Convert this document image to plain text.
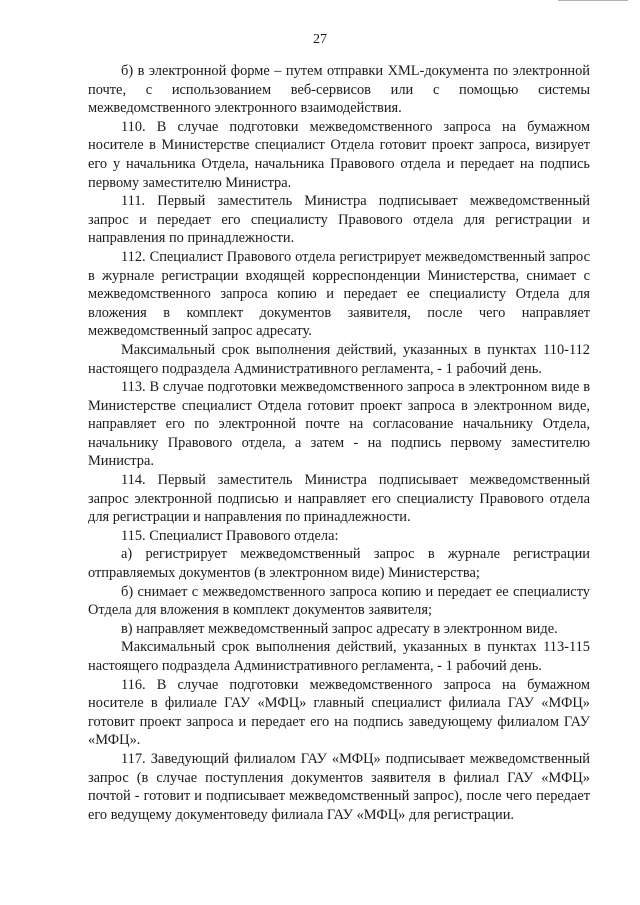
27

б) в электронной форме – путем отправки XML-документа по электронной почте, с использованием веб-сервисов или с помощью системы межведомственного электронного взаимодействия.

110. В случае подготовки межведомственного запроса на бумажном носителе в Министерстве специалист Отдела готовит проект запроса, визирует его у начальника Отдела, начальника Правового отдела и передает на подпись первому заместителю Министра.

111. Первый заместитель Министра подписывает межведомственный запрос и передает его специалисту Правового отдела для регистрации и направления по принадлежности.

112. Специалист Правового отдела регистрирует межведомственный запрос в журнале регистрации входящей корреспонденции Министерства, снимает с межведомственного запроса копию и передает ее специалисту Отдела для вложения в комплект документов заявителя, после чего направляет межведомственный запрос адресату.

Максимальный срок выполнения действий, указанных в пунктах 110-112 настоящего подраздела Административного регламента, - 1 рабочий день.

113. В случае подготовки межведомственного запроса в электронном виде в Министерстве специалист Отдела готовит проект запроса в электронном виде, направляет его по электронной почте на согласование начальнику Отдела, начальнику Правового отдела, а затем - на подпись первому заместителю Министра.

114. Первый заместитель Министра подписывает межведомственный запрос электронной подписью и направляет его специалисту Правового отдела для регистрации и направления по принадлежности.

115. Специалист Правового отдела:

а) регистрирует межведомственный запрос в журнале регистрации отправляемых документов (в электронном виде) Министерства;

б) снимает с межведомственного запроса копию и передает ее специалисту Отдела для вложения в комплект документов заявителя;

в) направляет межведомственный запрос адресату в электронном виде.

Максимальный срок выполнения действий, указанных в пунктах 113-115 настоящего подраздела Административного регламента, - 1 рабочий день.

116. В случае подготовки межведомственного запроса на бумажном носителе в филиале ГАУ «МФЦ» главный специалист филиала ГАУ «МФЦ» готовит проект запроса и передает его на подпись заведующему филиалом ГАУ «МФЦ».

117. Заведующий филиалом ГАУ «МФЦ» подписывает межведомственный запрос (в случае поступления документов заявителя в филиал ГАУ «МФЦ» почтой - готовит и подписывает межведомственный запрос), после чего передает его ведущему документоведу филиала ГАУ «МФЦ» для регистрации.
